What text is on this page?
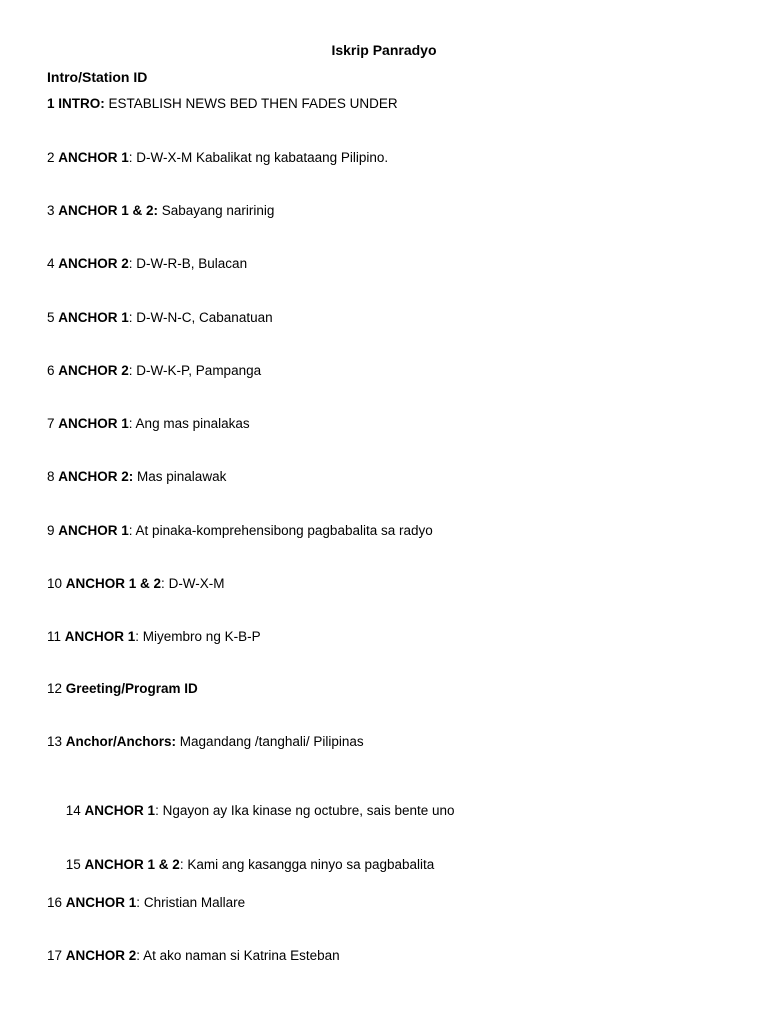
Iskrip Panradyo
Intro/Station ID
1 INTRO: ESTABLISH NEWS BED THEN FADES UNDER
2 ANCHOR 1: D-W-X-M Kabalikat ng kabataang Pilipino.
3 ANCHOR 1 & 2: Sabayang naririnig
4 ANCHOR 2: D-W-R-B, Bulacan
5 ANCHOR 1: D-W-N-C, Cabanatuan
6 ANCHOR 2: D-W-K-P, Pampanga
7 ANCHOR 1: Ang mas pinalakas
8 ANCHOR 2: Mas pinalawak
9 ANCHOR 1: At pinaka-komprehensibong pagbabalita sa radyo
10 ANCHOR 1 & 2: D-W-X-M
11 ANCHOR 1: Miyembro ng K-B-P
12 Greeting/Program ID
13 Anchor/Anchors: Magandang /tanghali/ Pilipinas

14 ANCHOR 1: Ngayon ay Ika kinase ng octubre, sais bente uno

15 ANCHOR 1 & 2: Kami ang kasangga ninyo sa pagbabalita

16 ANCHOR 1: Christian Mallare
17 ANCHOR 2: At ako naman si Katrina Esteban
